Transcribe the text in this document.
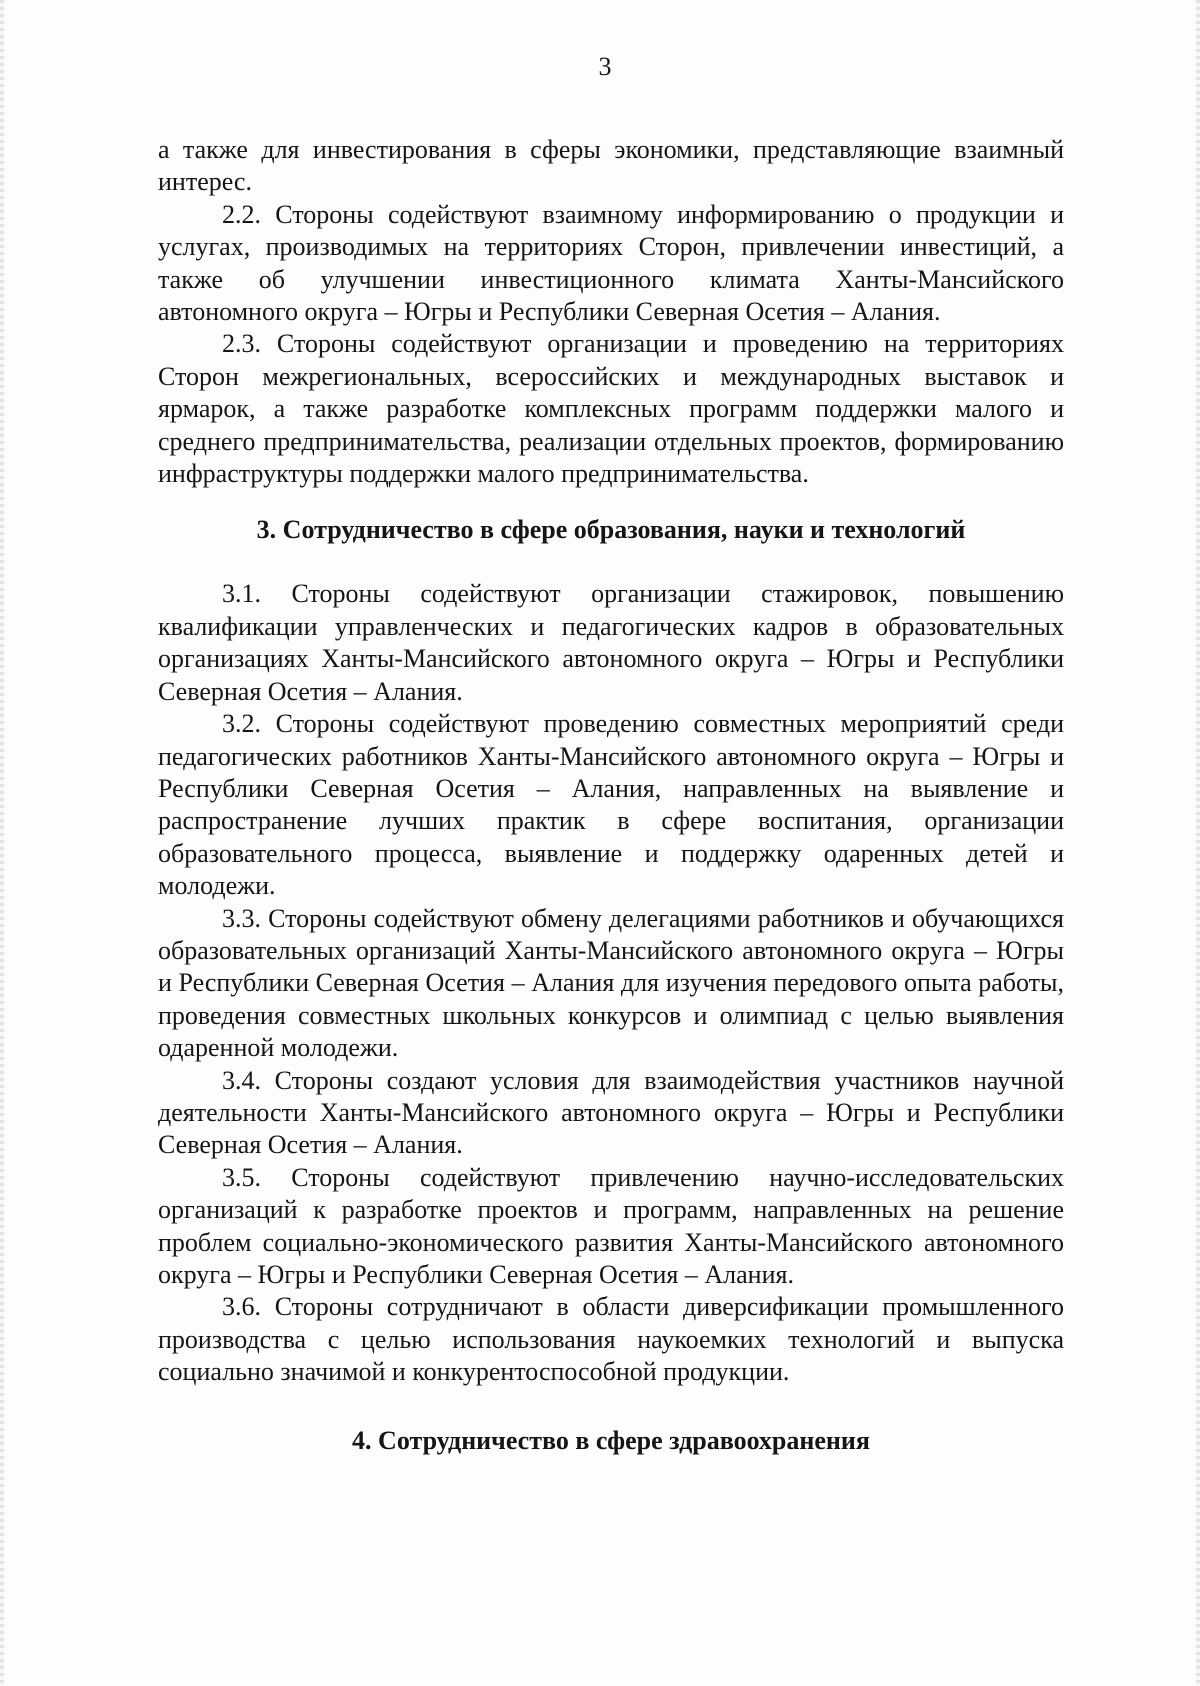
3

а также для инвестирования в сферы экономики, представляющие взаимный интерес.

2.2. Стороны содействуют взаимному информированию о продукции и услугах, производимых на территориях Сторон, привлечении инвестиций, а также об улучшении инвестиционного климата Ханты-Мансийского автономного округа – Югры и Республики Северная Осетия – Алания.

2.3. Стороны содействуют организации и проведению на территориях Сторон межрегиональных, всероссийских и международных выставок и ярмарок, а также разработке комплексных программ поддержки малого и среднего предпринимательства, реализации отдельных проектов, формированию инфраструктуры поддержки малого предпринимательства.

3. Сотрудничество в сфере образования, науки и технологий

3.1. Стороны содействуют организации стажировок, повышению квалификации управленческих и педагогических кадров в образовательных организациях Ханты-Мансийского автономного округа – Югры и Республики Северная Осетия – Алания.

3.2. Стороны содействуют проведению совместных мероприятий среди педагогических работников Ханты-Мансийского автономного округа – Югры и Республики Северная Осетия – Алания, направленных на выявление и распространение лучших практик в сфере воспитания, организации образовательного процесса, выявление и поддержку одаренных детей и молодежи.

3.3. Стороны содействуют обмену делегациями работников и обучающихся образовательных организаций Ханты-Мансийского автономного округа – Югры и Республики Северная Осетия – Алания для изучения передового опыта работы, проведения совместных школьных конкурсов и олимпиад с целью выявления одаренной молодежи.

3.4. Стороны создают условия для взаимодействия участников научной деятельности Ханты-Мансийского автономного округа – Югры и Республики Северная Осетия – Алания.

3.5. Стороны содействуют привлечению научно-исследовательских организаций к разработке проектов и программ, направленных на решение проблем социально-экономического развития Ханты-Мансийского автономного округа – Югры и Республики Северная Осетия – Алания.

3.6. Стороны сотрудничают в области диверсификации промышленного производства с целью использования наукоемких технологий и выпуска социально значимой и конкурентоспособной продукции.

4. Сотрудничество в сфере здравоохранения
